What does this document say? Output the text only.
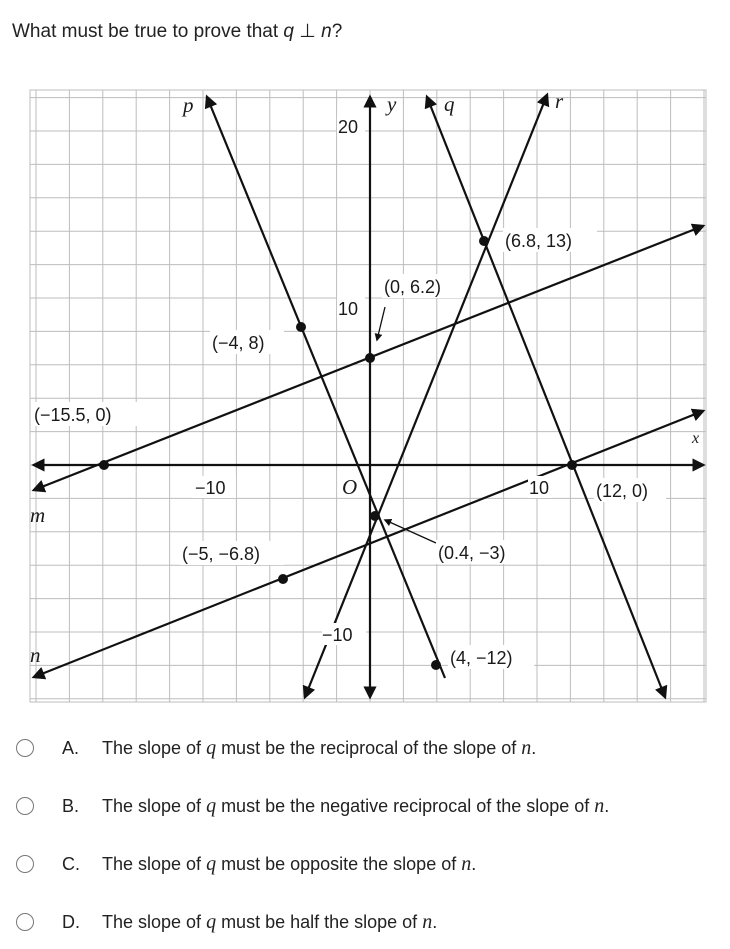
What must be true to prove that q ⊥ n?
20
10
−10
−10	10
y
x
O
p	q	r
m
n
(−4, 8)
(0, 6.2)
(−15.5, 0)
(6.8, 13)
(12, 0)
(0.4, −3)
(−5, −6.8)
(4, −12)
A.	The slope of q must be the reciprocal of the slope of n.
B.	The slope of q must be the negative reciprocal of the slope of n.
C.	The slope of q must be opposite the slope of n.
D.	The slope of q must be half the slope of n.
